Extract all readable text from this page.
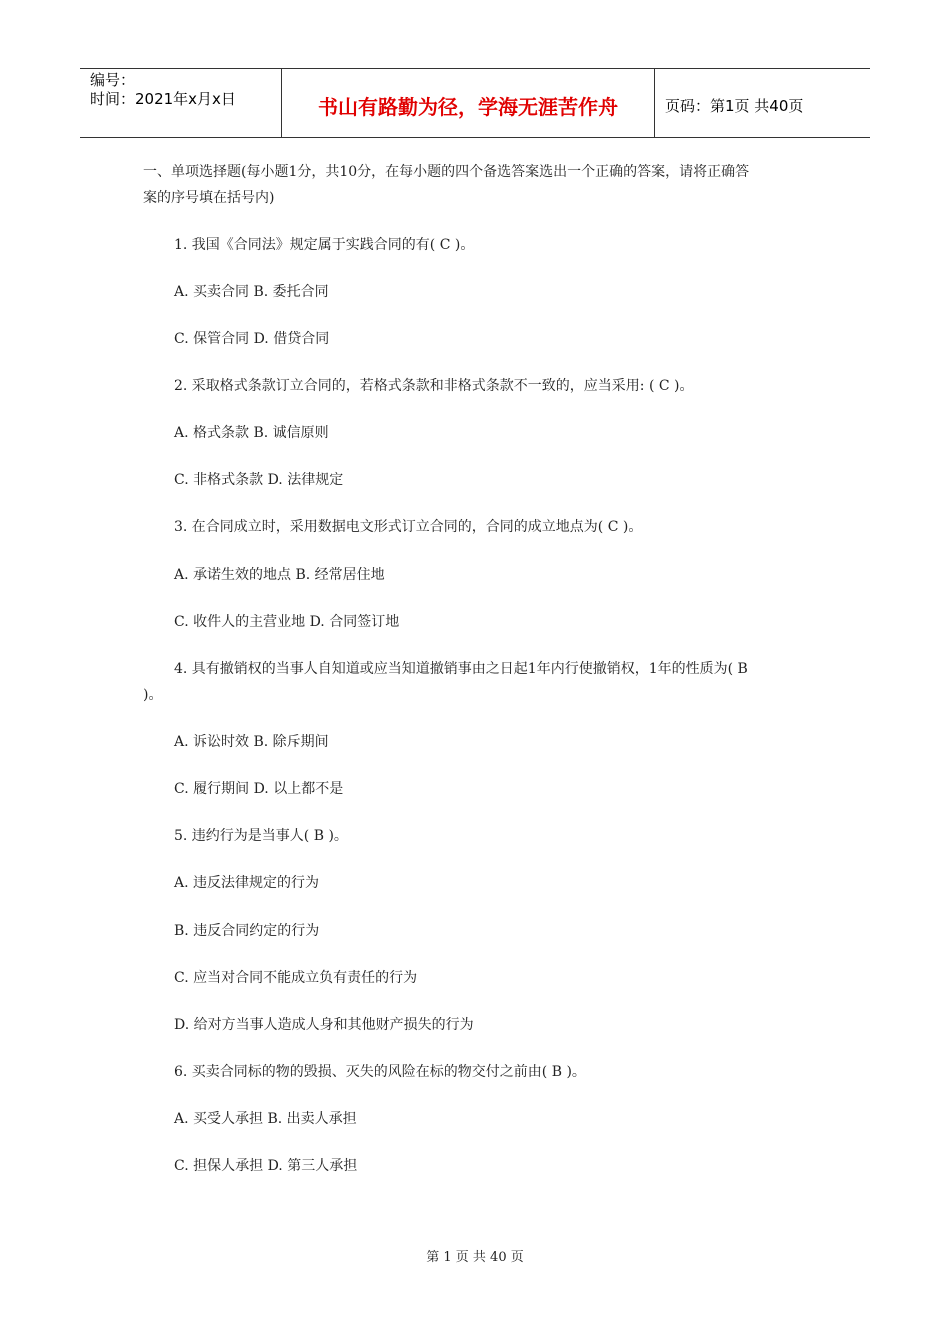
编号：
时间：2021年x月x日	书山有路勤为径，学海无涯苦作舟	页码：第1页 共40页
一、单项选择题(每小题1分，共10分，在每小题的四个备选答案选出一个正确的答案，请将正确答
案的序号填在括号内)
1. 我国《合同法》规定属于实践合同的有( C )。
A. 买卖合同 B. 委托合同
C. 保管合同 D. 借贷合同
2. 采取格式条款订立合同的，若格式条款和非格式条款不一致的，应当采用: ( C )。
A. 格式条款 B. 诚信原则
C. 非格式条款 D. 法律规定
3. 在合同成立时，采用数据电文形式订立合同的，合同的成立地点为( C )。
A. 承诺生效的地点 B. 经常居住地
C. 收件人的主营业地 D. 合同签订地
4. 具有撤销权的当事人自知道或应当知道撤销事由之日起1年内行使撤销权，1年的性质为( B
)。
A. 诉讼时效 B. 除斥期间
C. 履行期间 D. 以上都不是
5. 违约行为是当事人( B )。
A. 违反法律规定的行为
B. 违反合同约定的行为
C. 应当对合同不能成立负有责任的行为
D. 给对方当事人造成人身和其他财产损失的行为
6. 买卖合同标的物的毁损、灭失的风险在标的物交付之前由( B )。
A. 买受人承担 B. 出卖人承担
C. 担保人承担 D. 第三人承担
第 1 页 共 40 页
